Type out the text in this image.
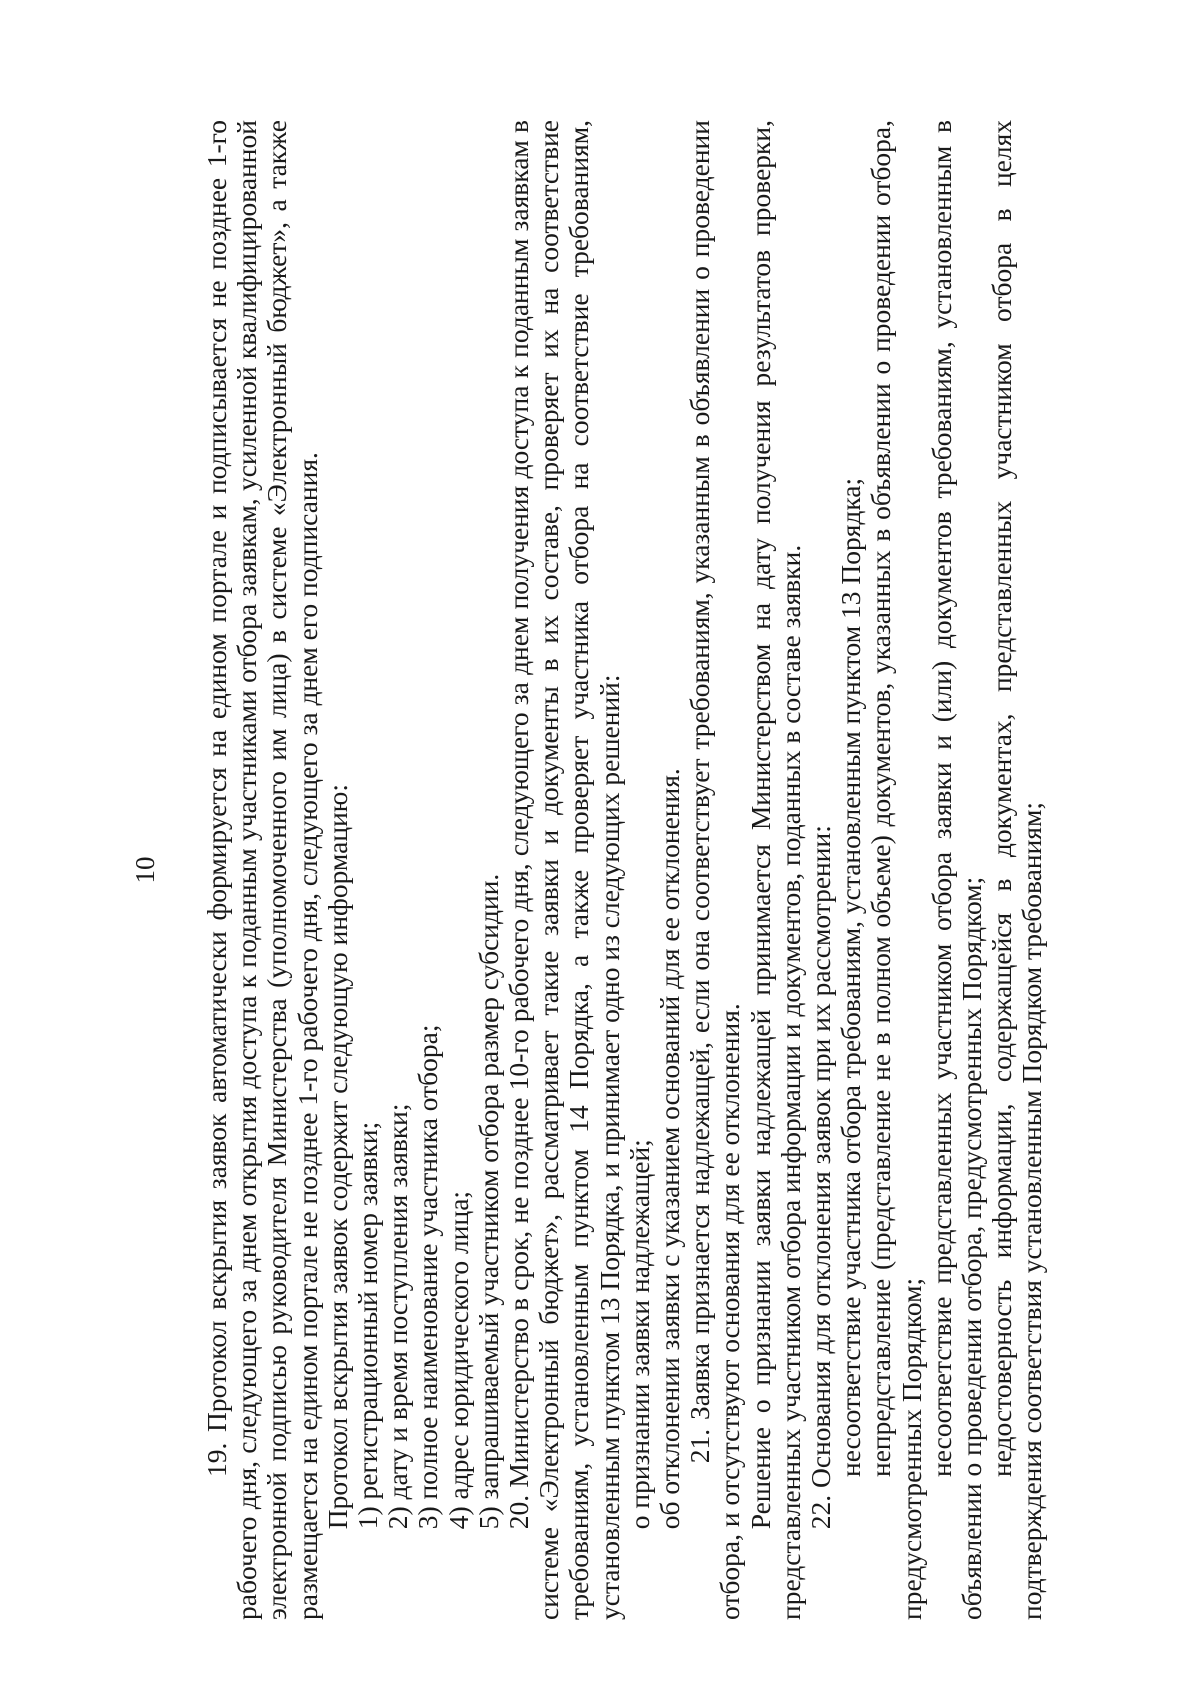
10 19. Протокол вскрытия заявок автоматически формируется на едином портале и подписывается не позднее 1-го рабочего дня, следующего за днем открытия доступа к поданным участниками отбора заявкам, усиленной квалифицированной электронной подписью руководителя Министерства (уполномоченного им лица) в системе «Электронный бюджет», а также размещается на едином портале не позднее 1-го рабочего дня, следующего за днем его подписания. Протокол вскрытия заявок содержит следующую информацию: 1) регистрационный номер заявки; 2) дату и время поступления заявки; 3) полное наименование участника отбора; 4) адрес юридического лица; 5) запрашиваемый участником отбора размер субсидии. 20. Министерство в срок, не позднее 10-го рабочего дня, следующего за днем получения доступа к поданным заявкам в системе «Электронный бюджет», рассматривает такие заявки и документы в их составе, проверяет их на соответствие требованиям, установленным пунктом 14 Порядка, а также проверяет участника отбора на соответствие требованиям, установленным пунктом 13 Порядка, и принимает одно из следующих решений: о признании заявки надлежащей; об отклонении заявки с указанием оснований для ее отклонения. 21. Заявка признается надлежащей, если она соответствует требованиям, указанным в объявлении о проведении отбора, и отсутствуют основания для ее отклонения. Решение о признании заявки надлежащей принимается Министерством на дату получения результатов проверки, представленных участником отбора информации и документов, поданных в составе заявки. 22. Основания для отклонения заявок при их рассмотрении: несоответствие участника отбора требованиям, установленным пунктом 13 Порядка; непредставление (представление не в полном объеме) документов, указанных в объявлении о проведении отбора, предусмотренных Порядком; несоответствие представленных участником отбора заявки и (или) документов требованиям, установленным в объявлении о проведении отбора, предусмотренных Порядком; недостоверность информации, содержащейся в документах, представленных участником отбора в целях подтверждения соответствия установленным Порядком требованиям;
